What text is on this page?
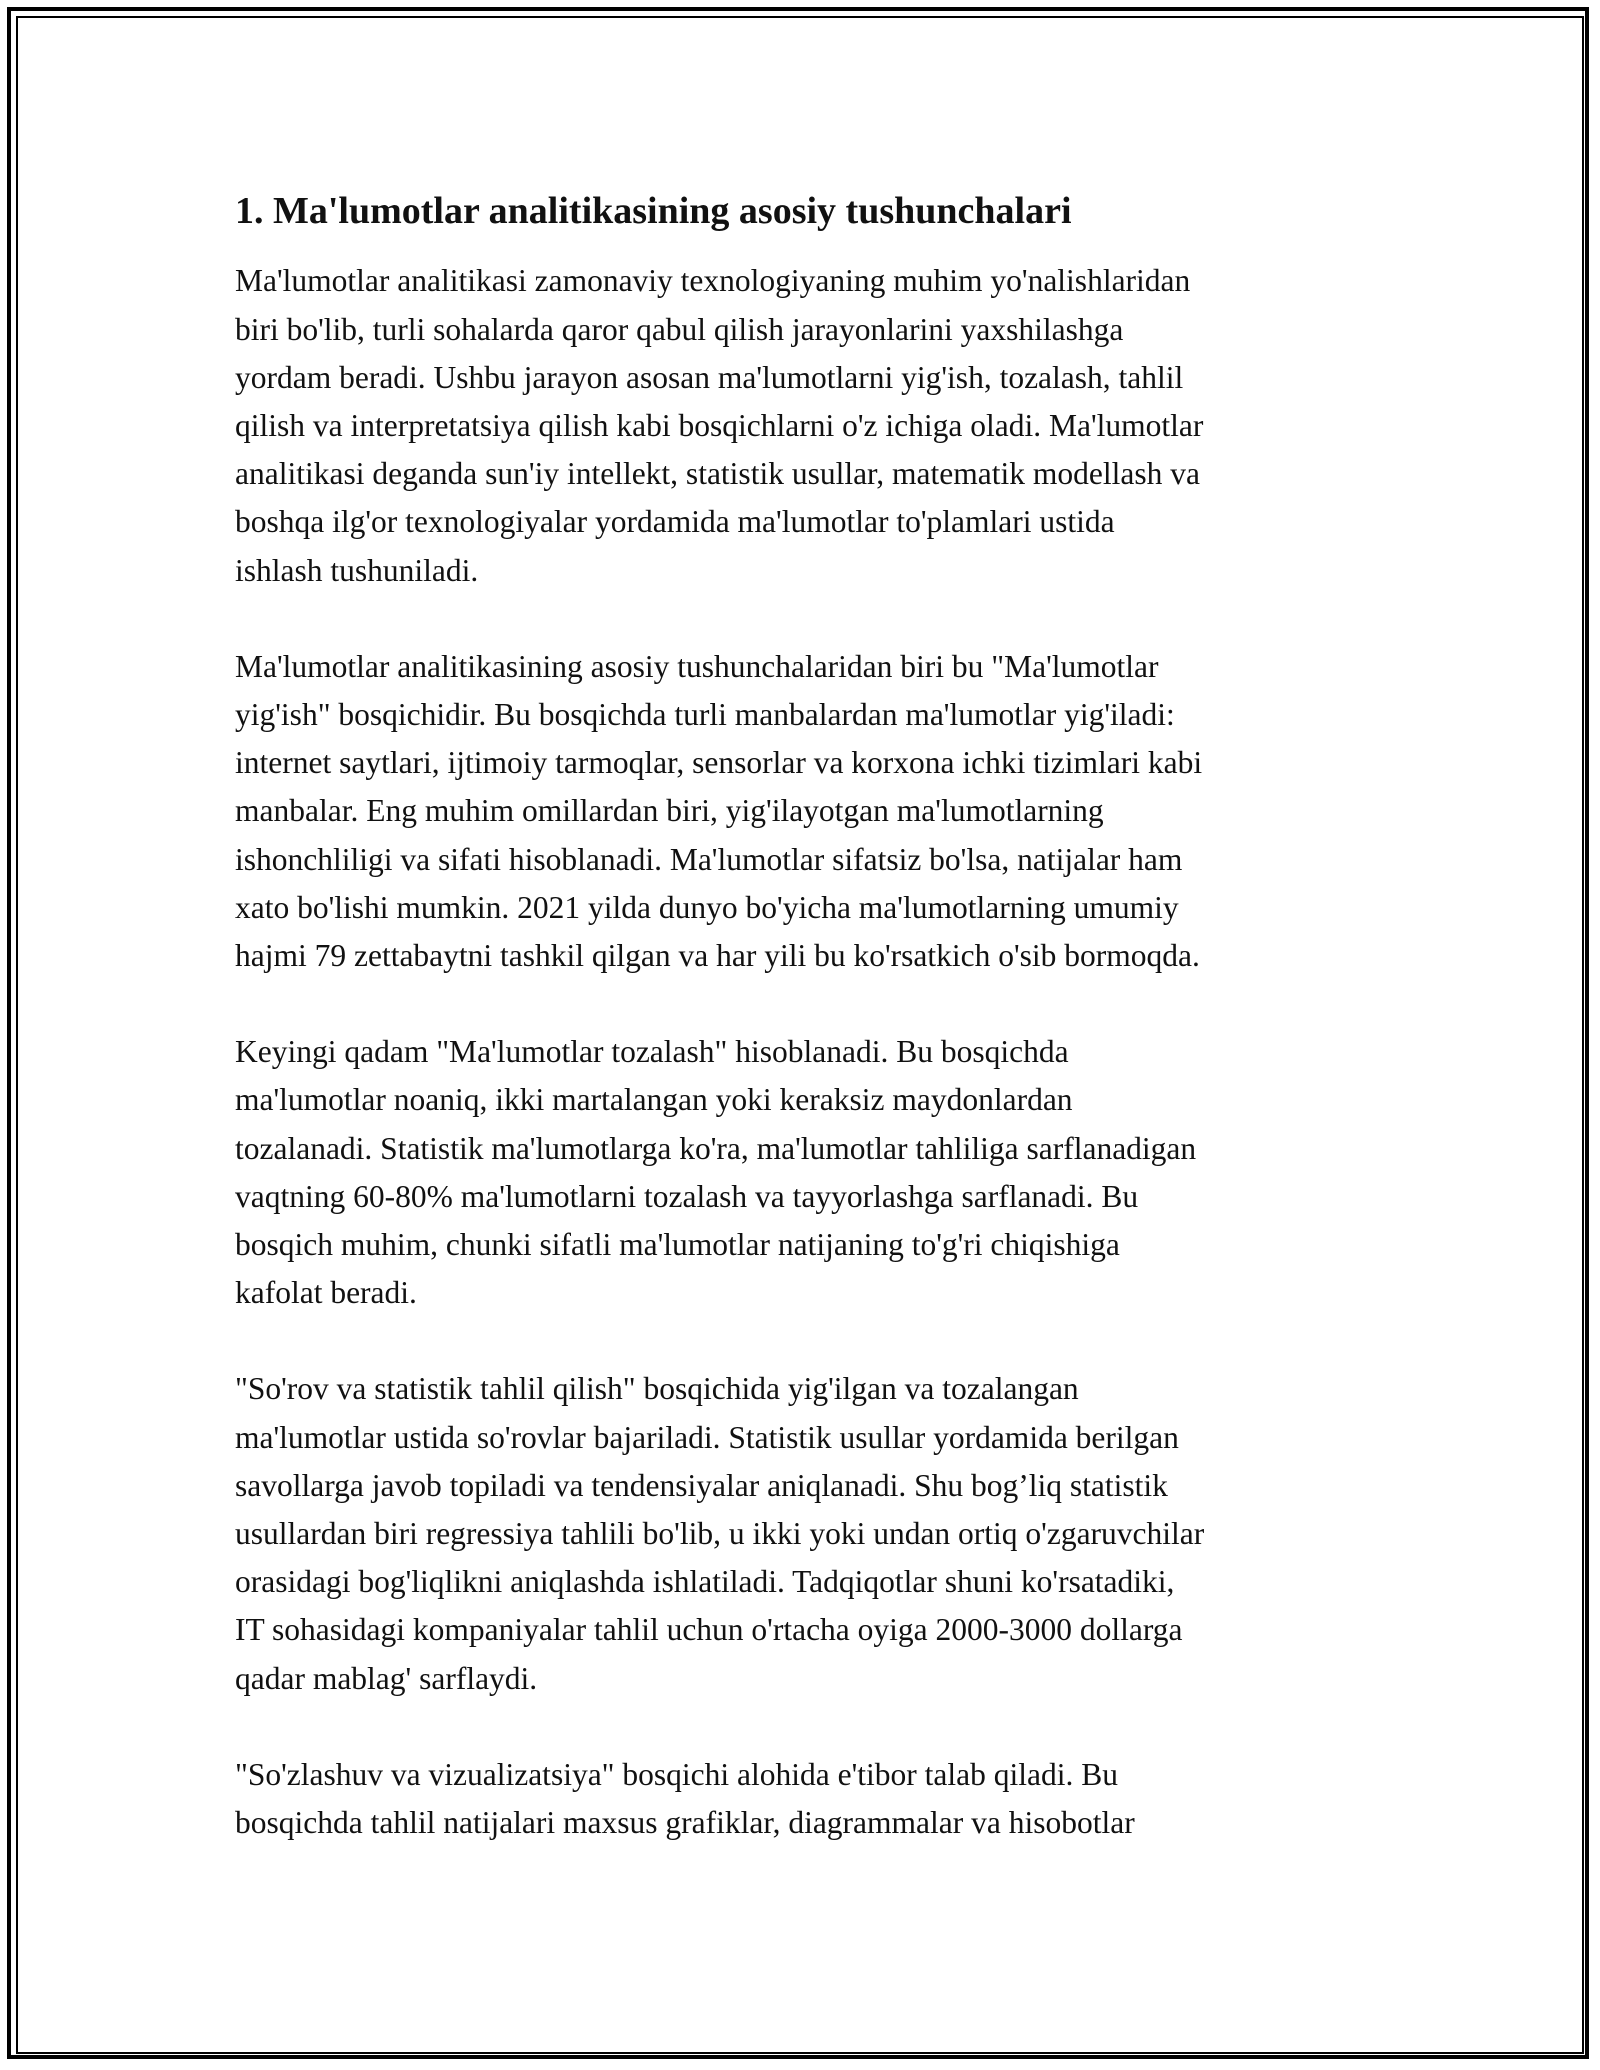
1. Ma'lumotlar analitikasining asosiy tushunchalari

Ma'lumotlar analitikasi zamonaviy texnologiyaning muhim yo'nalishlaridan
biri bo'lib, turli sohalarda qaror qabul qilish jarayonlarini yaxshilashga
yordam beradi. Ushbu jarayon asosan ma'lumotlarni yig'ish, tozalash, tahlil
qilish va interpretatsiya qilish kabi bosqichlarni o'z ichiga oladi. Ma'lumotlar
analitikasi deganda sun'iy intellekt, statistik usullar, matematik modellash va
boshqa ilg'or texnologiyalar yordamida ma'lumotlar to'plamlari ustida
ishlash tushuniladi.

Ma'lumotlar analitikasining asosiy tushunchalaridan biri bu "Ma'lumotlar
yig'ish" bosqichidir. Bu bosqichda turli manbalardan ma'lumotlar yig'iladi:
internet saytlari, ijtimoiy tarmoqlar, sensorlar va korxona ichki tizimlari kabi
manbalar. Eng muhim omillardan biri, yig'ilayotgan ma'lumotlarning
ishonchliligi va sifati hisoblanadi. Ma'lumotlar sifatsiz bo'lsa, natijalar ham
xato bo'lishi mumkin. 2021 yilda dunyo bo'yicha ma'lumotlarning umumiy
hajmi 79 zettabaytni tashkil qilgan va har yili bu ko'rsatkich o'sib bormoqda.

Keyingi qadam "Ma'lumotlar tozalash" hisoblanadi. Bu bosqichda
ma'lumotlar noaniq, ikki martalangan yoki keraksiz maydonlardan
tozalanadi. Statistik ma'lumotlarga ko'ra, ma'lumotlar tahliliga sarflanadigan
vaqtning 60-80% ma'lumotlarni tozalash va tayyorlashga sarflanadi. Bu
bosqich muhim, chunki sifatli ma'lumotlar natijaning to'g'ri chiqishiga
kafolat beradi.

"So'rov va statistik tahlil qilish" bosqichida yig'ilgan va tozalangan
ma'lumotlar ustida so'rovlar bajariladi. Statistik usullar yordamida berilgan
savollarga javob topiladi va tendensiyalar aniqlanadi. Shu bog’liq statistik
usullardan biri regressiya tahlili bo'lib, u ikki yoki undan ortiq o'zgaruvchilar
orasidagi bog'liqlikni aniqlashda ishlatiladi. Tadqiqotlar shuni ko'rsatadiki,
IT sohasidagi kompaniyalar tahlil uchun o'rtacha oyiga 2000-3000 dollarga
qadar mablag' sarflaydi.

"So'zlashuv va vizualizatsiya" bosqichi alohida e'tibor talab qiladi. Bu
bosqichda tahlil natijalari maxsus grafiklar, diagrammalar va hisobotlar
